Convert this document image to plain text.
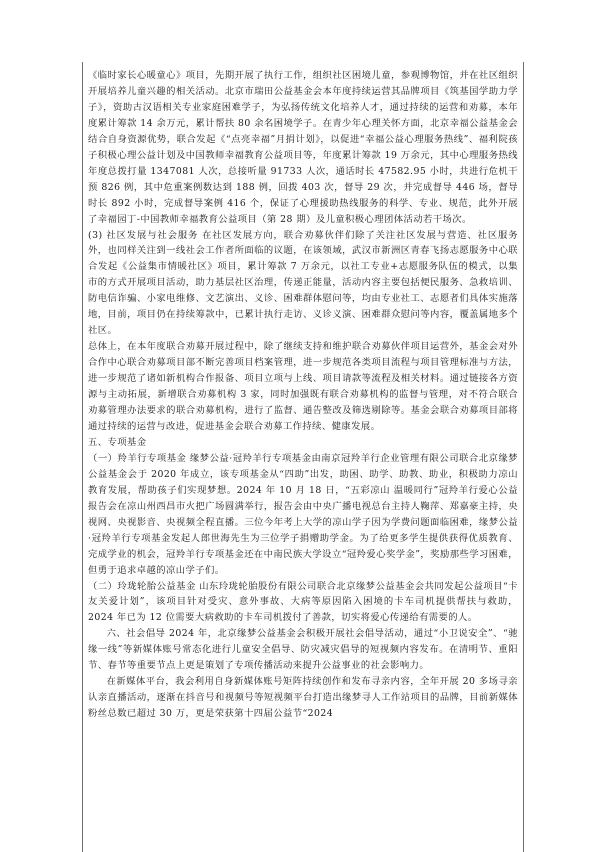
《临时家长心暖童心》项目，先期开展了执行工作，组织社区困境儿童，参观博物馆，并在社区组织开展培养儿童兴趣的相关活动。北京市瑞田公益基金会本年度持续运营其品牌项目《筑基国学助力学子》，资助古汉语相关专业家庭困难学子，为弘扬传统文化培养人才，通过持续的运营和劝募，本年度累计筹款 14 余万元，累计帮扶 80 余名困境学子。在青少年心理关怀方面，北京幸福公益基金会结合自身资源优势，联合发起《“点亮幸福”月捐计划》，以促进“幸福公益心理服务热线”、福利院孩子积极心理公益计划及中国教师幸福教育公益项目等，年度累计筹款 19 万余元，其中心理服务热线年度总拨打量 1347081 人次，总接听量 91733 人次，通话时长 47582.95 小时，共进行危机干预 826 例，其中危重案例数达到 188 例，回拨 403 次，督导 29 次，并完成督导 446 场，督导时长 892 小时，完成督导案例 416 个，保证了心理援助热线服务的科学、专业、规范，此外开展了幸福园丁-中国教师幸福教育公益项目（第 28 期）及儿童积极心理团体活动若干场次。

(3) 社区发展与社会服务 在社区发展方向，联合劝募伙伴们除了关注社区发展与营造、社区服务外，也同样关注到一线社会工作者所面临的议题，在该领域，武汉市新洲区青春飞扬志愿服务中心联合发起《公益集市情暖社区》项目，累计筹款 7 万余元，以社工专业+志愿服务队伍的模式，以集市的方式开展项目活动，助力基层社区治理，传递正能量，活动内容主要包括便民服务、急救培训、防电信诈骗、小家电维修、文艺演出、义诊、困难群体慰问等，均由专业社工、志愿者们具体实施落地，目前，项目仍在持续筹款中，已累计执行走访、义诊义演、困难群众慰问等内容，覆盖属地多个社区。

总体上，在本年度联合劝募开展过程中，除了继续支持和维护联合劝募伙伴项目运营外，基金会对外合作中心联合劝募项目部不断完善项目档案管理，进一步规范各类项目流程与项目管理标准与方法，进一步规范了诸如新机构合作报备、项目立项与上线、项目请款等流程及相关材料。通过链接各方资源与主动拓展，新增联合劝募机构 3 家，同时加强既有联合劝募机构的监督与管理，对不符合联合劝募管理办法要求的联合劝募机构，进行了监督、通告整改及筛选剔除等。基金会联合劝募项目部将通过持续的运营与改进，促进基金会联合劝募工作持续、健康发展。

五、专项基金

（一）羚羊行专项基金 缘梦公益·冠羚羊行专项基金由南京冠羚羊行企业管理有限公司联合北京缘梦公益基金会于 2020 年成立，该专项基金从“四助”出发，助困、助学、助教、助业，积极助力凉山教育发展，帮助孩子们实现梦想。2024 年 10 月 18 日，“五彩凉山 温暖同行”冠羚羊行爱心公益报告会在凉山州西昌市火把广场圆满举行，报告会由中央广播电视总台主持人鞠萍、郑嘉豪主持，央视网、央视影音、央视频全程直播。三位今年考上大学的凉山学子因为学费问题面临困难，缘梦公益·冠羚羊行专项基金发起人郎世海先生为三位学子捐赠助学金。为了给更多学生提供获得优质教育、完成学业的机会，冠羚羊行专项基金还在中南民族大学设立“冠羚爱心奖学金”，奖励那些学习困难，但勇于追求卓越的凉山学子们。

（二）玲珑轮胎公益基金 山东玲珑轮胎股份有限公司联合北京缘梦公益基金会共同发起公益项目“卡友关爱计划”，该项目针对受灾、意外事故、大病等原因陷入困境的卡车司机提供帮扶与救助，2024 年已为 12 位需要大病救助的卡车司机拨付了善款，切实将爱心传递给有需要的人。

六、社会倡导 2024 年，北京缘梦公益基金会积极开展社会倡导活动，通过“小卫说安全”、“驰缘一线”等新媒体账号常态化进行儿童安全倡导、防灾减灾倡导的短视频内容发布。在清明节、重阳节、春节等重要节点上更是策划了专项传播活动来提升公益事业的社会影响力。

在新媒体平台，我会利用自身新媒体账号矩阵持续创作和发布寻亲内容，全年开展 20 多场寻亲认亲直播活动，逐渐在抖音号和视频号等短视频平台打造出缘梦寻人工作站项目的品牌，目前新媒体粉丝总数已超过 30 万，更是荣获第十四届公益节“2024
